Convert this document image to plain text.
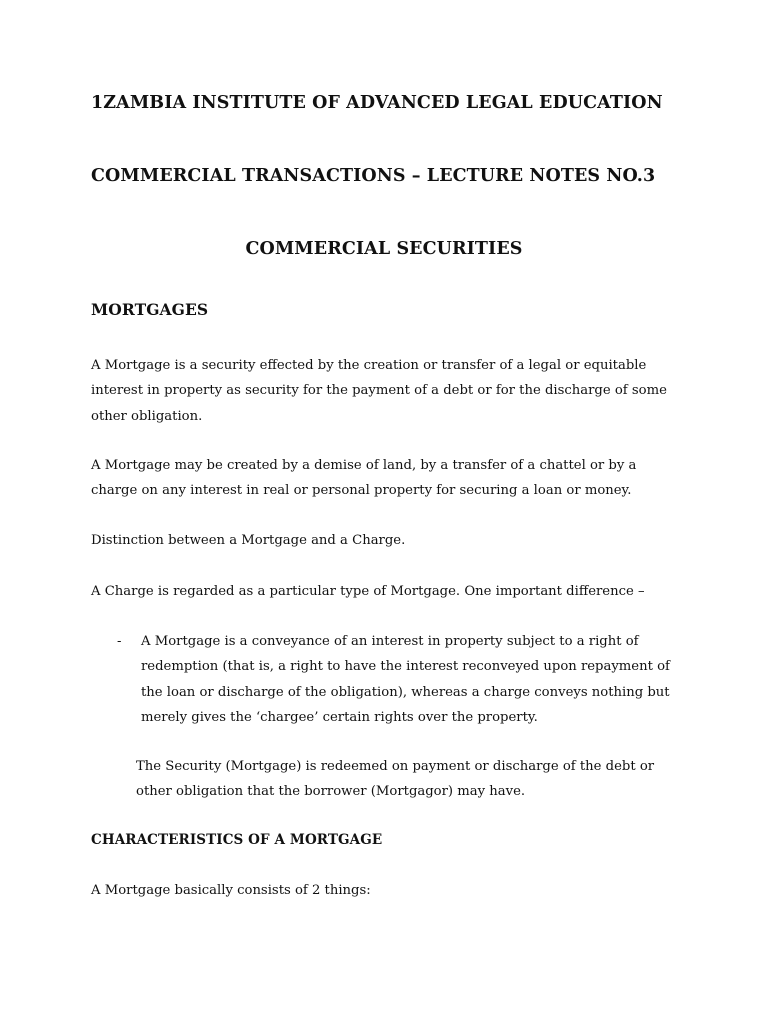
1ZAMBIA INSTITUTE OF ADVANCED LEGAL EDUCATION
COMMERCIAL TRANSACTIONS – LECTURE NOTES NO.3
COMMERCIAL SECURITIES
MORTGAGES

A Mortgage is a security effected by the creation or transfer of a legal or equitable
interest in property as security for the payment of a debt or for the discharge of some
other obligation.

A Mortgage may be created by a demise of land, by a transfer of a chattel or by a
charge on any interest in real or personal property for securing a loan or money.

Distinction between a Mortgage and a Charge.

A Charge is regarded as a particular type of Mortgage. One important difference –

- A Mortgage is a conveyance of an interest in property subject to a right of
redemption (that is, a right to have the interest reconveyed upon repayment of
the loan or discharge of the obligation), whereas a charge conveys nothing but
merely gives the ‘chargee’ certain rights over the property.

The Security (Mortgage) is redeemed on payment or discharge of the debt or
other obligation that the borrower (Mortgagor) may have.

CHARACTERISTICS OF A MORTGAGE

A Mortgage basically consists of 2 things:
